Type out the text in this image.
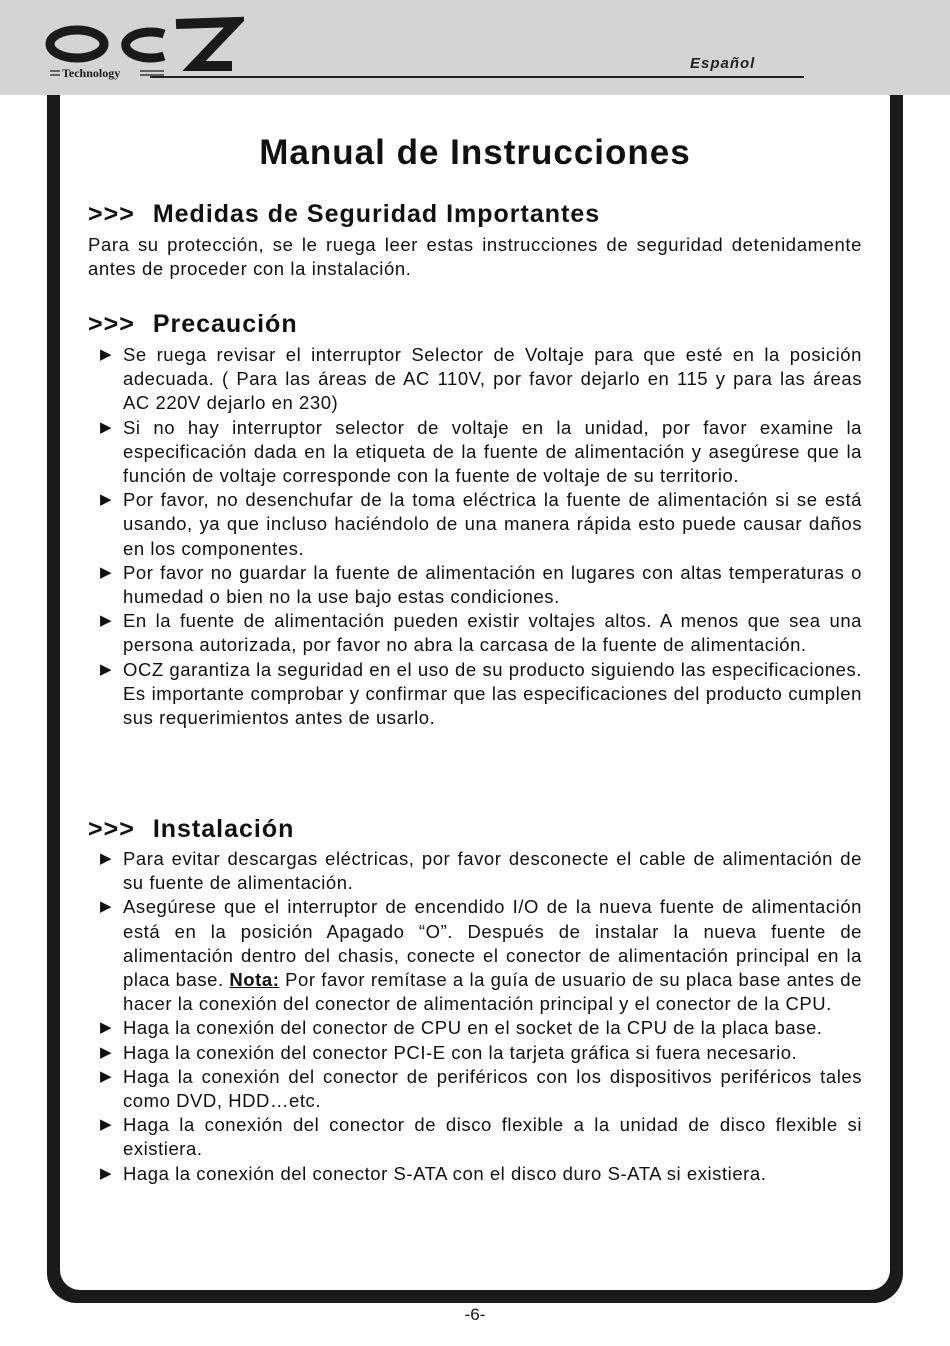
Technology
Español
Manual de Instrucciones
>>> Medidas de Seguridad Importantes
Para su protección, se le ruega leer estas instrucciones de seguridad detenidamente antes de proceder con la instalación.
>>> Precaución
▶ Se ruega revisar el interruptor Selector de Voltaje para que esté en la posición adecuada. ( Para las áreas de AC 110V, por favor dejarlo en 115 y para las áreas AC 220V dejarlo en 230)
▶ Si no hay interruptor selector de voltaje en la unidad, por favor examine la especificación dada en la etiqueta de la fuente de alimentación y asegúrese que la función de voltaje corresponde con la fuente de voltaje de su territorio.
▶ Por favor, no desenchufar de la toma eléctrica la fuente de alimentación si se está usando, ya que incluso haciéndolo de una manera rápida esto puede causar daños en los componentes.
▶ Por favor no guardar la fuente de alimentación en lugares con altas temperaturas o humedad o bien no la use bajo estas condiciones.
▶ En la fuente de alimentación pueden existir voltajes altos. A menos que sea una persona autorizada, por favor no abra la carcasa de la fuente de alimentación.
▶ OCZ garantiza la seguridad en el uso de su producto siguiendo las especificaciones. Es importante comprobar y confirmar que las especificaciones del producto cumplen sus requerimientos antes de usarlo.
>>> Instalación
▶ Para evitar descargas eléctricas, por favor desconecte el cable de alimentación de su fuente de alimentación.
▶ Asegúrese que el interruptor de encendido I/O de la nueva fuente de alimentación está en la posición Apagado “O”. Después de instalar la nueva fuente de alimentación dentro del chasis, conecte el conector de alimentación principal en la placa base. Nota: Por favor remítase a la guía de usuario de su placa base antes de hacer la conexión del conector de alimentación principal y el conector de la CPU.
▶ Haga la conexión del conector de CPU en el socket de la CPU de la placa base.
▶ Haga la conexión del conector PCI-E con la tarjeta gráfica si fuera necesario.
▶ Haga la conexión del conector de periféricos con los dispositivos periféricos tales como DVD, HDD…etc.
▶ Haga la conexión del conector de disco flexible a la unidad de disco flexible si existiera.
▶ Haga la conexión del conector S-ATA con el disco duro S-ATA si existiera.
-6-
